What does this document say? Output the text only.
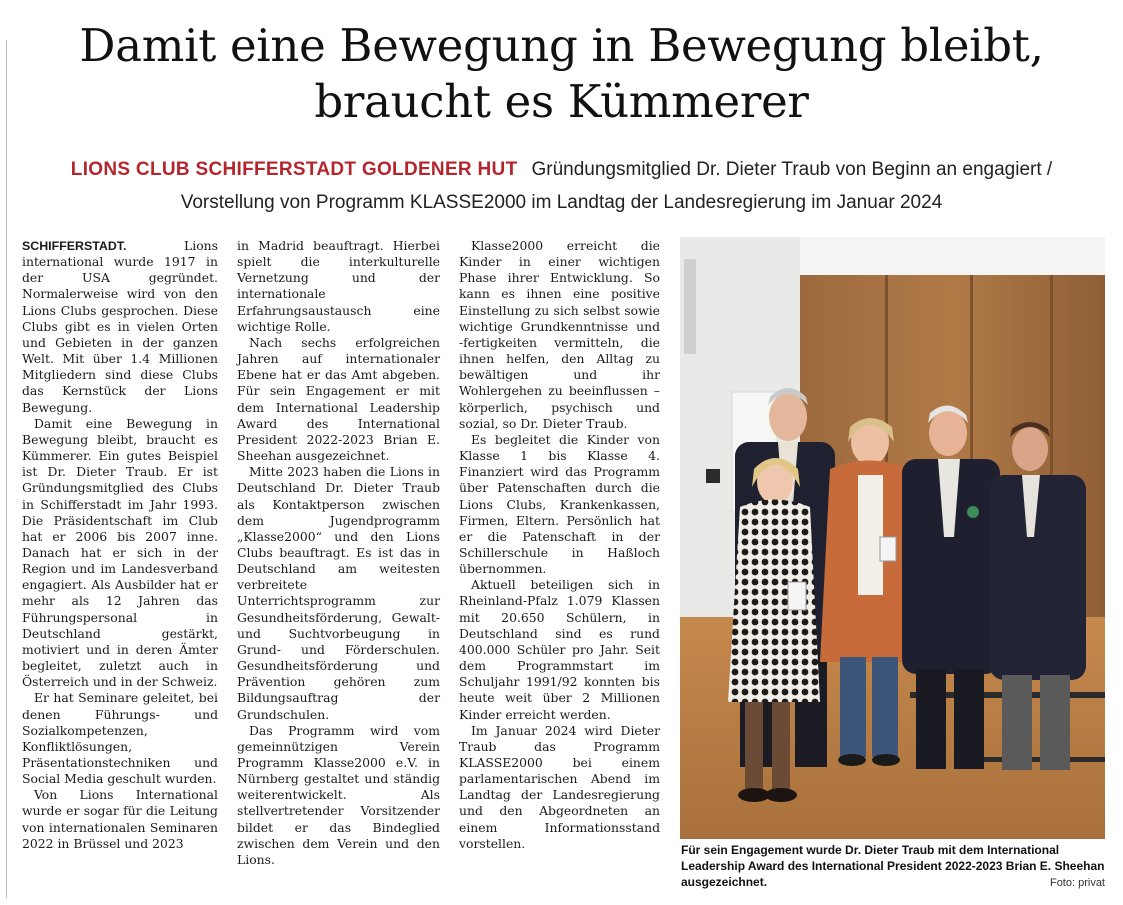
Damit eine Bewegung in Bewegung bleibt,
braucht es Kümmerer
LIONS CLUB SCHIFFERSTADT GOLDENER HUT Gründungsmitglied Dr. Dieter Traub von Beginn an engagiert /
Vorstellung von Programm KLASSE2000 im Landtag der Landesregierung im Januar 2024

SCHIFFERSTADT.	Lions international wurde 1917 in der USA gegründet. Normalerweise wird von den Lions Clubs gesprochen. Diese Clubs gibt es in vielen Orten und Gebieten in der ganzen Welt. Mit über 1.4 Millionen Mitgliedern sind diese Clubs das Kernstück der Lions Bewegung.

Damit eine Bewegung in Bewegung bleibt, braucht es Kümmerer. Ein gutes Beispiel ist Dr. Dieter Traub. Er ist Gründungsmitglied des Clubs in Schifferstadt im Jahr 1993. Die Präsidentschaft im Club hat er 2006 bis 2007 inne. Danach hat er sich in der Region und im Landesverband engagiert. Als Ausbilder hat er mehr als 12 Jahren das Führungspersonal in Deutschland gestärkt, motiviert und in deren Ämter begleitet, zuletzt auch in Österreich und in der Schweiz.

Er hat Seminare geleitet, bei denen Führungs- und Sozialkompetenzen, Konfliktlösungen, Präsentationstechniken und Social Media geschult wurden.

Von Lions International wurde er sogar für die Leitung von internationalen Seminaren 2022 in Brüssel und 2023

in Madrid beauftragt. Hierbei spielt die interkulturelle Vernetzung und der internationale Erfahrungsaustausch eine wichtige Rolle.

Nach sechs erfolgreichen Jahren auf internationaler Ebene hat er das Amt abgeben. Für sein Engagement er mit dem International Leadership Award des International President 2022-2023 Brian E. Sheehan ausgezeichnet.

Mitte 2023 haben die Lions in Deutschland Dr. Dieter Traub als Kontaktperson zwischen dem Jugendprogramm „Klasse2000“ und den Lions Clubs beauftragt. Es ist das in Deutschland am weitesten verbreitete Unterrichtsprogramm zur Gesundheitsförderung, Gewalt- und Suchtvorbeugung in Grund- und Förderschulen. Gesundheitsförderung und Prävention gehören zum Bildungsauftrag der Grundschulen.

Das Programm wird vom gemeinnützigen Verein Programm Klasse2000 e.V. in Nürnberg gestaltet und ständig weiterentwickelt. Als stellvertretender Vorsitzender bildet er das Bindeglied zwischen dem Verein und den Lions.

Klasse2000 erreicht die Kinder in einer wichtigen Phase ihrer Entwicklung. So kann es ihnen eine positive Einstellung zu sich selbst sowie wichtige Grundkenntnisse und -fertigkeiten vermitteln, die ihnen helfen, den Alltag zu bewältigen und ihr Wohlergehen zu beeinflussen – körperlich, psychisch und sozial, so Dr. Dieter Traub.

Es begleitet die Kinder von Klasse 1 bis Klasse 4. Finanziert wird das Programm über Patenschaften durch die Lions Clubs, Krankenkassen, Firmen, Eltern. Persönlich hat er die Patenschaft in der Schillerschule in Haßloch übernommen.

Aktuell beteiligen sich in Rheinland-Pfalz 1.079 Klassen mit 20.650 Schülern, in Deutschland sind es rund 400.000 Schüler pro Jahr. Seit dem Programmstart im Schuljahr 1991/92 konnten bis heute weit über 2 Millionen Kinder erreicht werden.

Im Januar 2024 wird Dieter Traub das Programm KLASSE2000 bei einem parlamentarischen Abend im Landtag der Landesregierung und den Abgeordneten an einem Informationsstand vorstellen.	Für sein Engagement wurde Dr. Dieter Traub mit dem International Leadership Award des International President 2022-2023 Brian E. Sheehan ausgezeichnet.	Foto: privat
